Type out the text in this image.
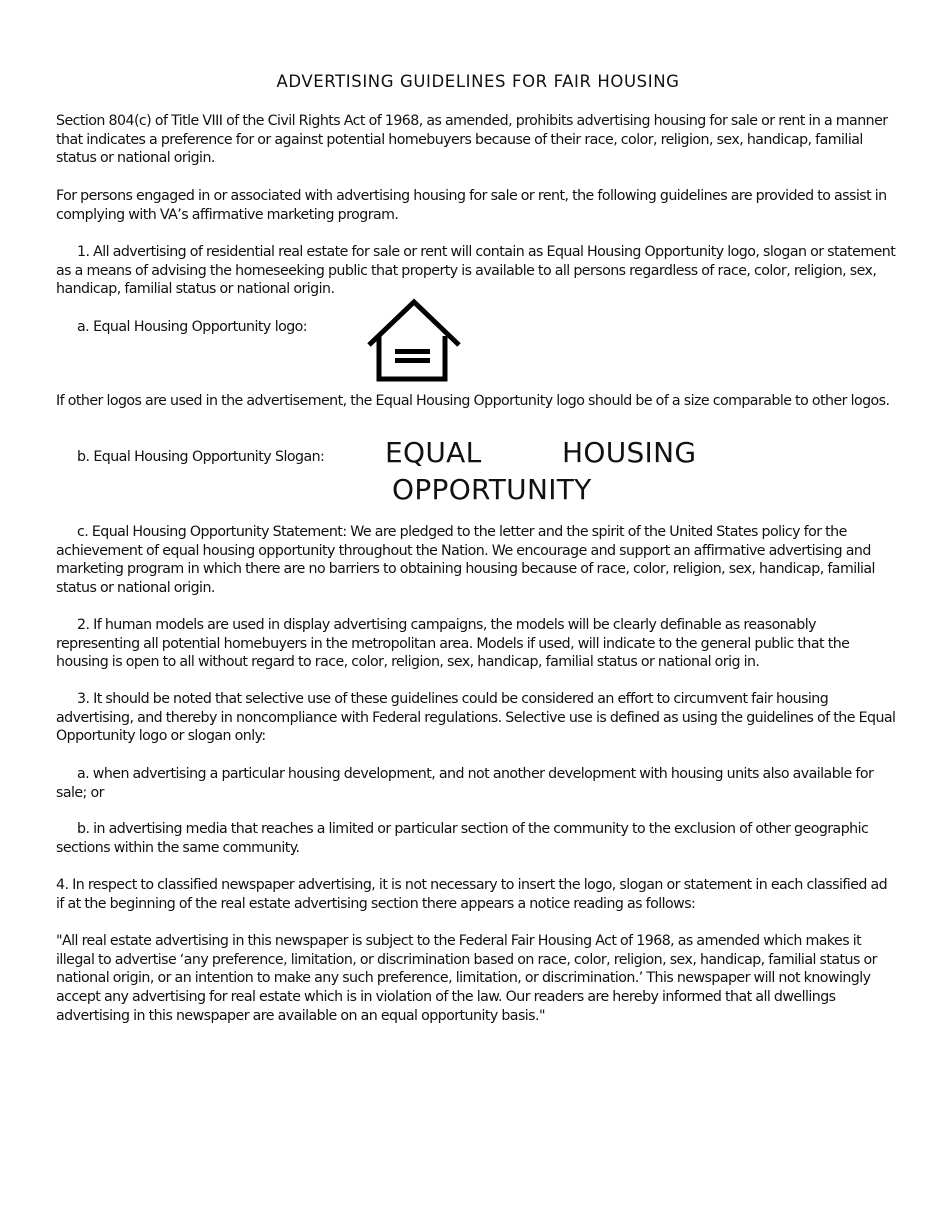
ADVERTISING GUIDELINES FOR FAIR HOUSING
Section 804(c) of Title VIII of the Civil Rights Act of 1968, as amended, prohibits advertising housing for sale or rent in a manner that indicates a preference for or against potential homebuyers because of their race, color, religion, sex, handicap, familial status or national origin.
For persons engaged in or associated with advertising housing for sale or rent, the following guidelines are provided to assist in complying with VA’s affirmative marketing program.
1. All advertising of residential real estate for sale or rent will contain as Equal Housing Opportunity logo, slogan or statement as a means of advising the homeseeking public that property is available to all persons regardless of race, color, religion, sex, handicap, familial status or national origin.
a. Equal Housing Opportunity logo:
If other logos are used in the advertisement, the Equal Housing Opportunity logo should be of a size comparable to other logos.
b. Equal Housing Opportunity Slogan: EQUAL	HOUSING
OPPORTUNITY
c. Equal Housing Opportunity Statement: We are pledged to the letter and the spirit of the United States policy for the achievement of equal housing opportunity throughout the Nation. We encourage and support an affirmative advertising and marketing program in which there are no barriers to obtaining housing because of race, color, religion, sex, handicap, familial status or national origin.
2. If human models are used in display advertising campaigns, the models will be clearly definable as reasonably representing all potential homebuyers in the metropolitan area. Models if used, will indicate to the general public that the housing is open to all without regard to race, color, religion, sex, handicap, familial status or national orig in.
3. It should be noted that selective use of these guidelines could be considered an effort to circumvent fair housing advertising, and thereby in noncompliance with Federal regulations. Selective use is defined as using the guidelines of the Equal Opportunity logo or slogan only:
a. when advertising a particular housing development, and not another development with housing units also available for sale; or
b. in advertising media that reaches a limited or particular section of the community to the exclusion of other geographic sections within the same community.
4. In respect to classified newspaper advertising, it is not necessary to insert the logo, slogan or statement in each classified ad if at the beginning of the real estate advertising section there appears a notice reading as follows:
"All real estate advertising in this newspaper is subject to the Federal Fair Housing Act of 1968, as amended which makes it illegal to advertise ‘any preference, limitation, or discrimination based on race, color, religion, sex, handicap, familial status or national origin, or an intention to make any such preference, limitation, or discrimination.’ This newspaper will not knowingly accept any advertising for real estate which is in violation of the law. Our readers are hereby informed that all dwellings advertising in this newspaper are available on an equal opportunity basis."
